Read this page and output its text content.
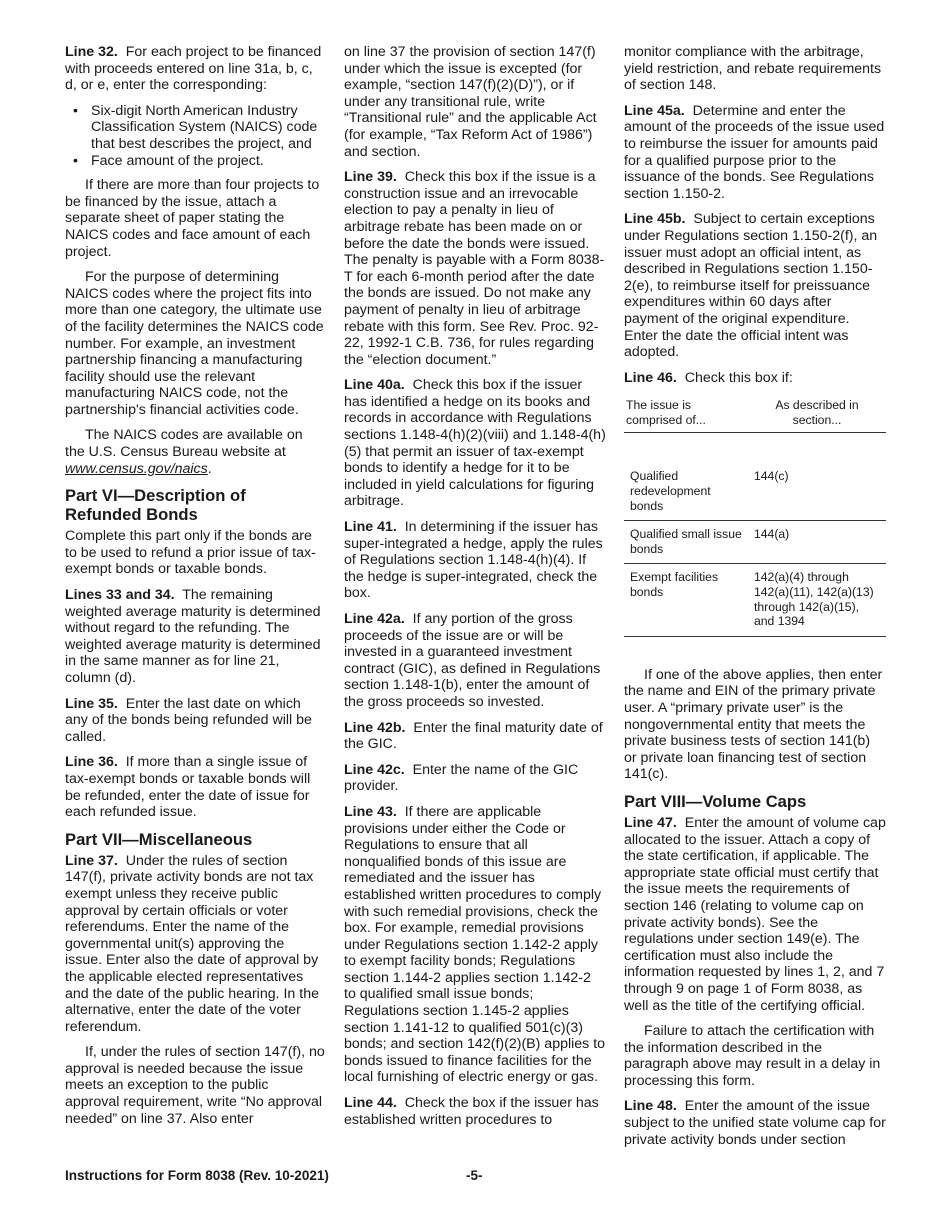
Line 32. For each project to be financed with proceeds entered on line 31a, b, c, d, or e, enter the corresponding:

• Six-digit North American Industry Classification System (NAICS) code that best describes the project, and
• Face amount of the project.

If there are more than four projects to be financed by the issue, attach a separate sheet of paper stating the NAICS codes and face amount of each project.

For the purpose of determining NAICS codes where the project fits into more than one category, the ultimate use of the facility determines the NAICS code number. For example, an investment partnership financing a manufacturing facility should use the relevant manufacturing NAICS code, not the partnership's financial activities code.

The NAICS codes are available on the U.S. Census Bureau website at www.census.gov/naics.

Part VI—Description of Refunded Bonds

Complete this part only if the bonds are to be used to refund a prior issue of tax-exempt bonds or taxable bonds.

Lines 33 and 34. The remaining weighted average maturity is determined without regard to the refunding. The weighted average maturity is determined in the same manner as for line 21, column (d).

Line 35. Enter the last date on which any of the bonds being refunded will be called.

Line 36. If more than a single issue of tax-exempt bonds or taxable bonds will be refunded, enter the date of issue for each refunded issue.

Part VII—Miscellaneous

Line 37. Under the rules of section 147(f), private activity bonds are not tax exempt unless they receive public approval by certain officials or voter referendums. Enter the name of the governmental unit(s) approving the issue. Enter also the date of approval by the applicable elected representatives and the date of the public hearing. In the alternative, enter the date of the voter referendum.

If, under the rules of section 147(f), no approval is needed because the issue meets an exception to the public approval requirement, write “No approval needed” on line 37. Also enter

on line 37 the provision of section 147(f) under which the issue is excepted (for example, “section 147(f)(2)(D)”), or if under any transitional rule, write “Transitional rule” and the applicable Act (for example, “Tax Reform Act of 1986”) and section.

Line 39. Check this box if the issue is a construction issue and an irrevocable election to pay a penalty in lieu of arbitrage rebate has been made on or before the date the bonds were issued. The penalty is payable with a Form 8038-T for each 6-month period after the date the bonds are issued. Do not make any payment of penalty in lieu of arbitrage rebate with this form. See Rev. Proc. 92-22, 1992-1 C.B. 736, for rules regarding the “election document.”

Line 40a. Check this box if the issuer has identified a hedge on its books and records in accordance with Regulations sections 1.148-4(h)(2)(viii) and 1.148-4(h)(5) that permit an issuer of tax-exempt bonds to identify a hedge for it to be included in yield calculations for figuring arbitrage.

Line 41. In determining if the issuer has super-integrated a hedge, apply the rules of Regulations section 1.148-4(h)(4). If the hedge is super-integrated, check the box.

Line 42a. If any portion of the gross proceeds of the issue are or will be invested in a guaranteed investment contract (GIC), as defined in Regulations section 1.148-1(b), enter the amount of the gross proceeds so invested.

Line 42b. Enter the final maturity date of the GIC.

Line 42c. Enter the name of the GIC provider.

Line 43. If there are applicable provisions under either the Code or Regulations to ensure that all nonqualified bonds of this issue are remediated and the issuer has established written procedures to comply with such remedial provisions, check the box. For example, remedial provisions under Regulations section 1.142-2 apply to exempt facility bonds; Regulations section 1.144-2 applies section 1.142-2 to qualified small issue bonds; Regulations section 1.145-2 applies section 1.141-12 to qualified 501(c)(3) bonds; and section 142(f)(2)(B) applies to bonds issued to finance facilities for the local furnishing of electric energy or gas.

Line 44. Check the box if the issuer has established written procedures to

monitor compliance with the arbitrage, yield restriction, and rebate requirements of section 148.

Line 45a. Determine and enter the amount of the proceeds of the issue used to reimburse the issuer for amounts paid for a qualified purpose prior to the issuance of the bonds. See Regulations section 1.150-2.

Line 45b. Subject to certain exceptions under Regulations section 1.150-2(f), an issuer must adopt an official intent, as described in Regulations section 1.150-2(e), to reimburse itself for preissuance expenditures within 60 days after payment of the original expenditure. Enter the date the official intent was adopted.

Line 46. Check this box if:

The issue is comprised of...	As described in section...
Qualified redevelopment bonds	144(c)
Qualified small issue bonds	144(a)
Exempt facilities bonds	142(a)(4) through 142(a)(11), 142(a)(13) through 142(a)(15), and 1394

If one of the above applies, then enter the name and EIN of the primary private user. A “primary private user” is the nongovernmental entity that meets the private business tests of section 141(b) or private loan financing test of section 141(c).

Part VIII—Volume Caps

Line 47. Enter the amount of volume cap allocated to the issuer. Attach a copy of the state certification, if applicable. The appropriate state official must certify that the issue meets the requirements of section 146 (relating to volume cap on private activity bonds). See the regulations under section 149(e). The certification must also include the information requested by lines 1, 2, and 7 through 9 on page 1 of Form 8038, as well as the title of the certifying official.

Failure to attach the certification with the information described in the paragraph above may result in a delay in processing this form.

Line 48. Enter the amount of the issue subject to the unified state volume cap for private activity bonds under section

Instructions for Form 8038 (Rev. 10-2021)	-5-
